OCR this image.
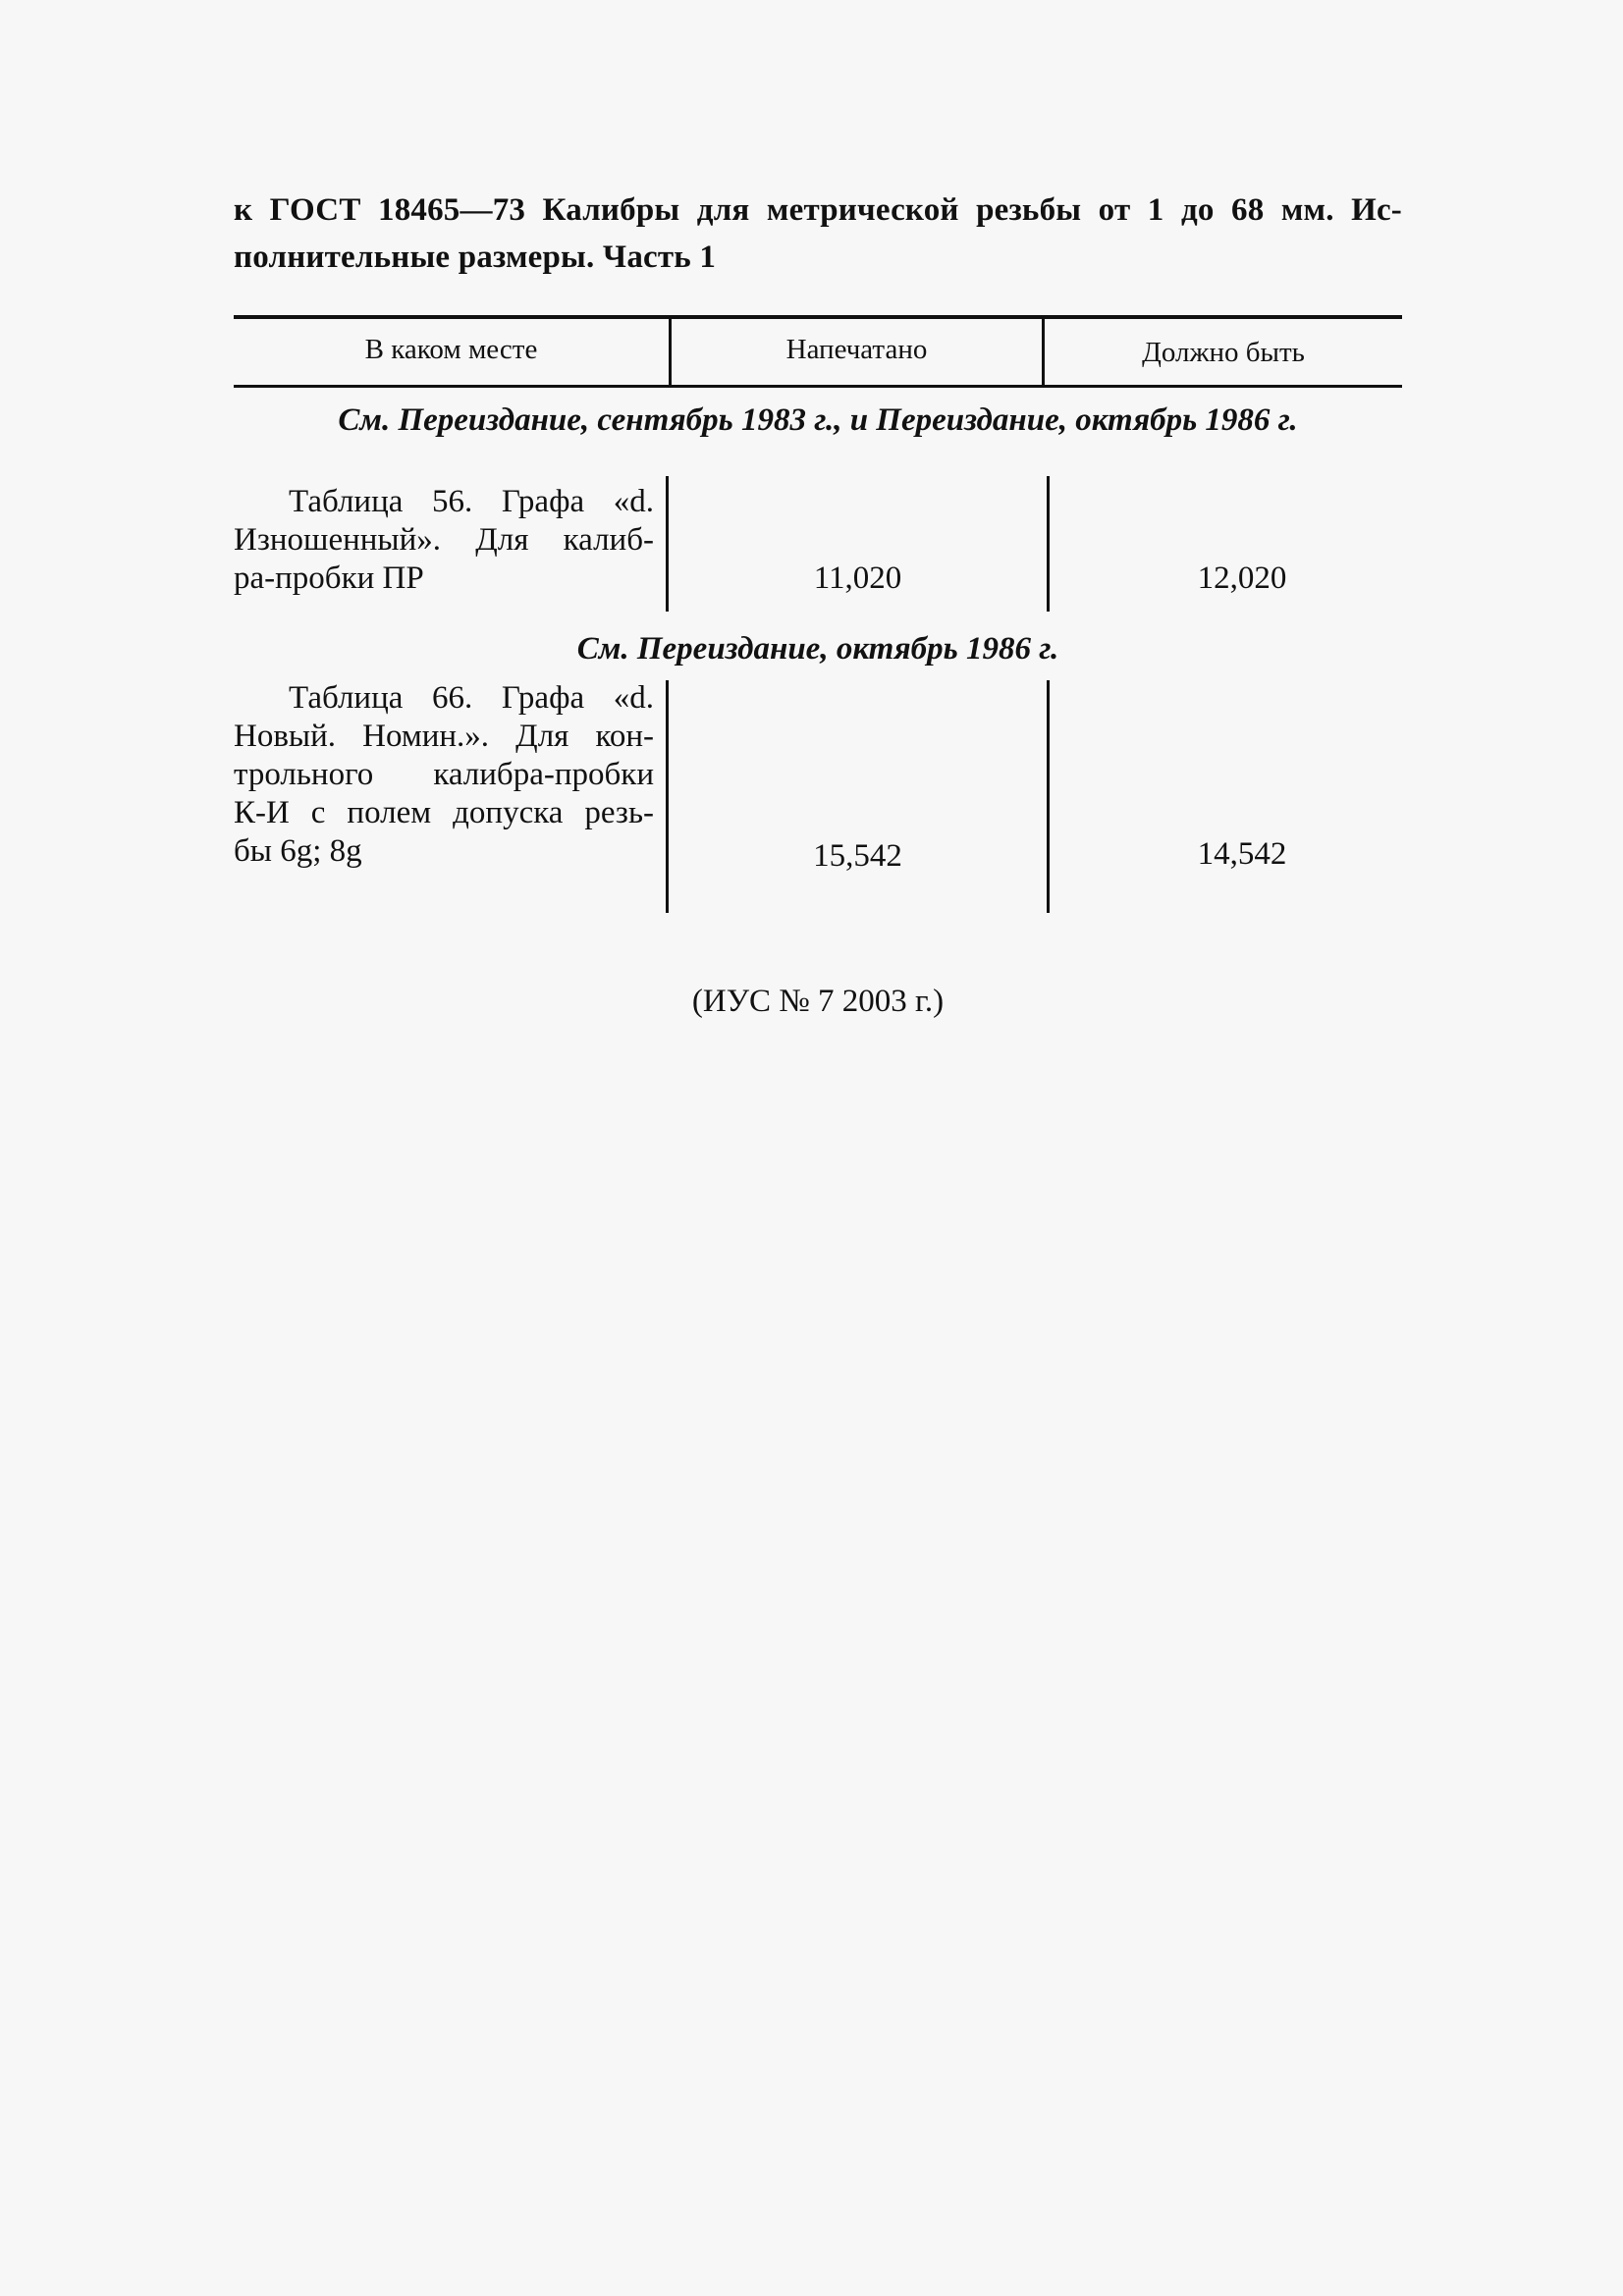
к ГОСТ 18465—73 Калибры для метрической резьбы от 1 до 68 мм. Ис-
полнительные размеры. Часть 1
В каком месте	Напечатано	Должно быть
См. Переиздание, сентябрь 1983 г., и Переиздание, октябрь 1986 г.
Таблица 56. Графа «d.
Изношенный». Для калиб-
ра-пробки ПР	11,020	12,020
См. Переиздание, октябрь 1986 г.
Таблица 66. Графа «d.
Новый. Номин.». Для кон-
трольного калибра-пробки
К-И с полем допуска резь-
бы 6g; 8g	15,542	14,542
(ИУС № 7 2003 г.)
